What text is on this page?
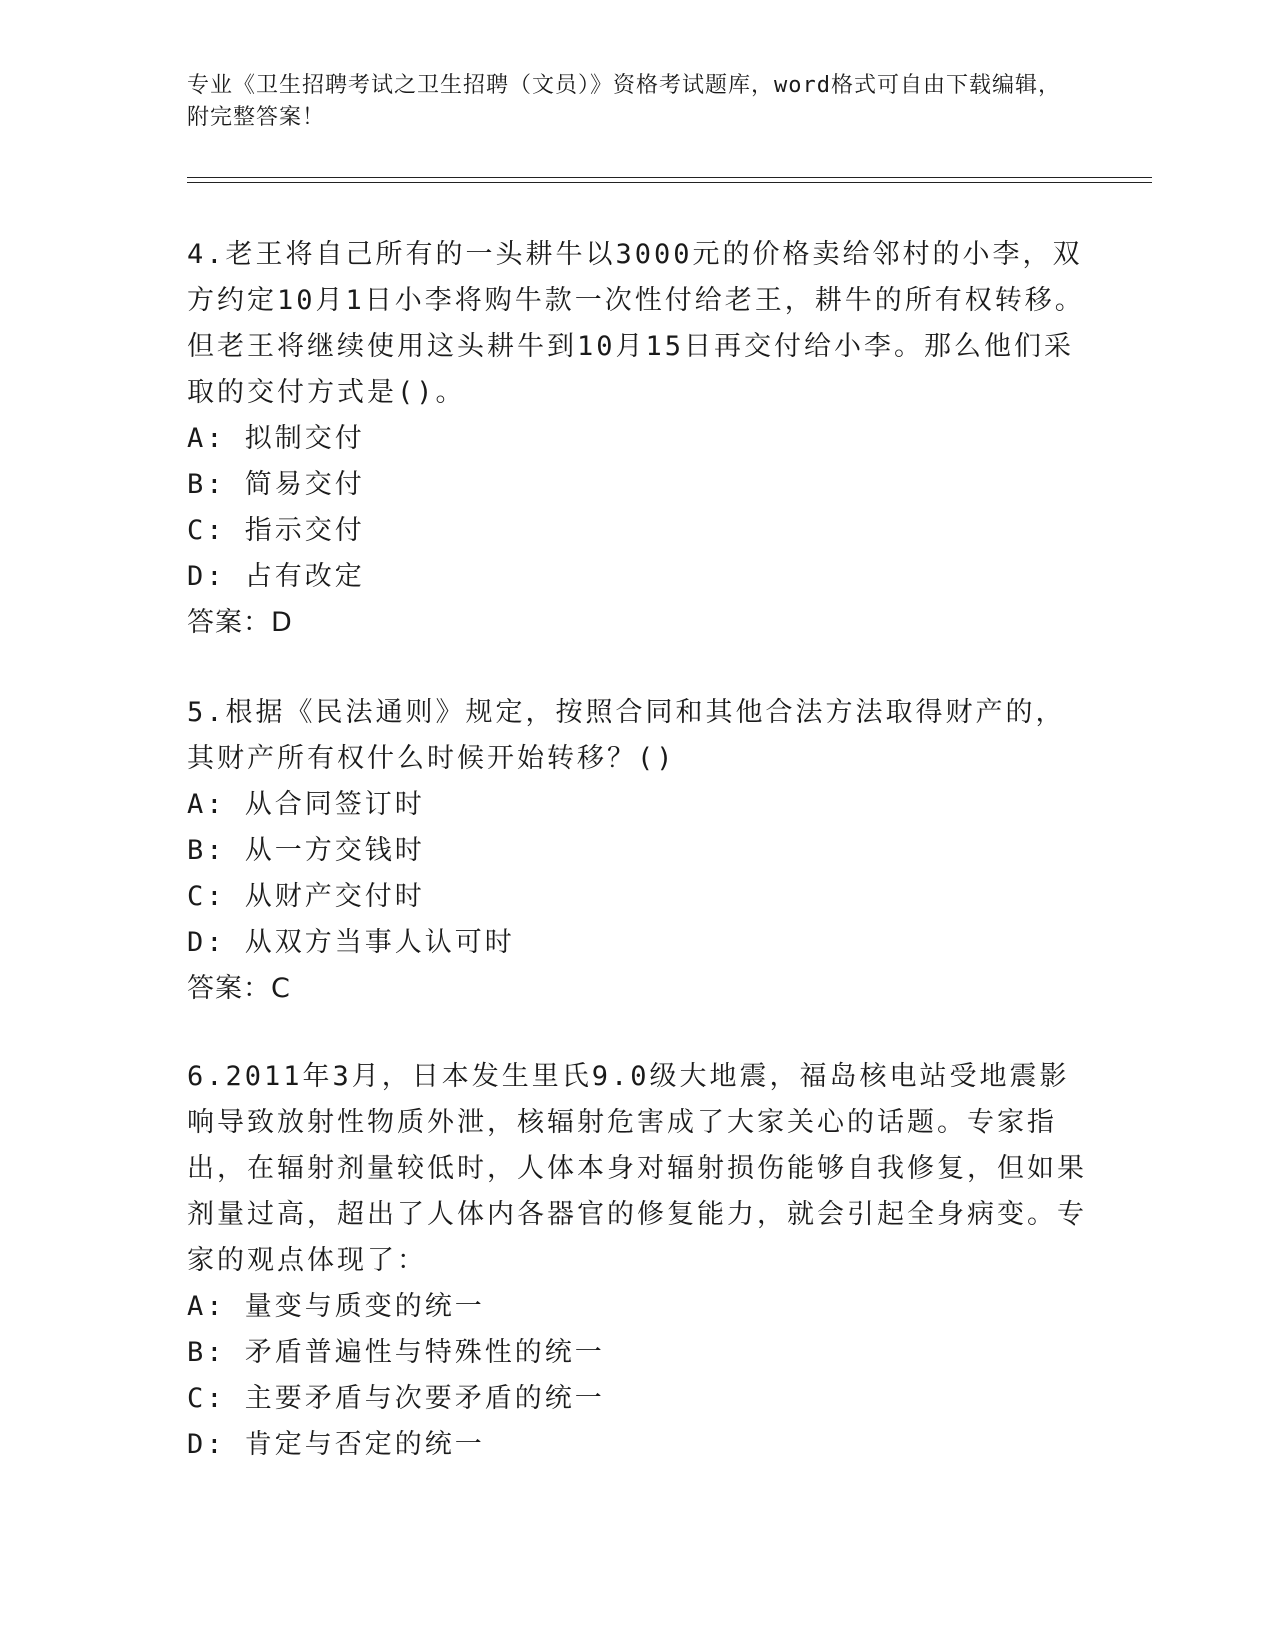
专业《卫生招聘考试之卫生招聘（文员）》资格考试题库，word格式可自由下载编辑，附完整答案！

4.老王将自己所有的一头耕牛以3000元的价格卖给邻村的小李，双方约定10月1日小李将购牛款一次性付给老王，耕牛的所有权转移。但老王将继续使用这头耕牛到10月15日再交付给小李。那么他们采取的交付方式是()。

A: 拟制交付

B: 简易交付

C: 指示交付

D: 占有改定

答案：D

5.根据《民法通则》规定，按照合同和其他合法方法取得财产的，其财产所有权什么时候开始转移？()

A: 从合同签订时

B: 从一方交钱时

C: 从财产交付时

D: 从双方当事人认可时

答案：C

6.2011年3月，日本发生里氏9.0级大地震，福岛核电站受地震影响导致放射性物质外泄，核辐射危害成了大家关心的话题。专家指出，在辐射剂量较低时，人体本身对辐射损伤能够自我修复，但如果剂量过高，超出了人体内各器官的修复能力，就会引起全身病变。专家的观点体现了：

A: 量变与质变的统一

B: 矛盾普遍性与特殊性的统一

C: 主要矛盾与次要矛盾的统一

D: 肯定与否定的统一
